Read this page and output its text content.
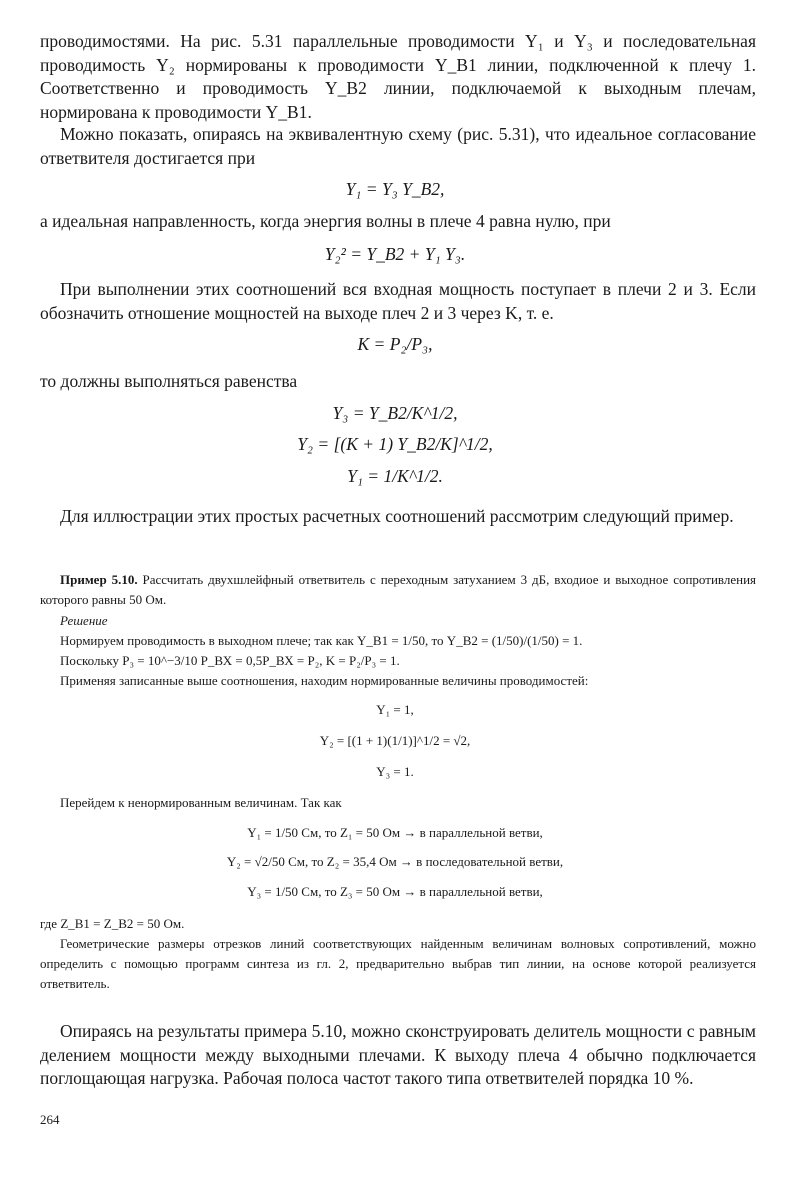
проводимостями. На рис. 5.31 параллельные проводимости Y₁ и Y₃ и последовательная проводимость Y₂ нормированы к проводимости Y_В1 линии, подключенной к плечу 1. Соответственно и проводимость Y_В2 линии, подключаемой к выходным плечам, нормирована к проводимости Y_В1.

Можно показать, опираясь на эквивалентную схему (рис. 5.31), что идеальное согласование ответвителя достигается при

Y₁ = Y₃ Y_В2,

а идеальная направленность, когда энергия волны в плече 4 равна нулю, при

Y₂² = Y_В2 + Y₁ Y₃.

При выполнении этих соотношений вся входная мощность поступает в плечи 2 и 3. Если обозначить отношение мощностей на выходе плеч 2 и 3 через K, т. е.

K = P₂/P₃,

то должны выполняться равенства

Y₃ = Y_В2/K^1/2,
Y₂ = [(K + 1) Y_В2/K]^1/2,
Y₁ = 1/K^1/2.

Для иллюстрации этих простых расчетных соотношений рассмотрим следующий пример.

Пример 5.10. Рассчитать двухшлейфный ответвитель с переходным затуханием 3 дБ, входиое и выходное сопротивления которого равны 50 Ом.

Решение

Нормируем проводимость в выходном плече; так как Y_В1 = 1/50, то Y_В2 = (1/50)/(1/50) = 1.

Поскольку P₃ = 10^−3/10 P_ВХ = 0,5P_ВХ = P₂, K = P₂/P₃ = 1.

Применяя записанные выше соотношения, находим нормированные величины проводимостей:

Y₁ = 1,
Y₂ = [(1 + 1)(1/1)]^1/2 = √2,
Y₃ = 1.

Перейдем к ненормированным величинам. Так как

Y₁ = 1/50 См, то Z₁ = 50 Ом → в параллельной ветви,
Y₂ = √2/50 См, то Z₂ = 35,4 Ом → в последовательной ветви,
Y₃ = 1/50 См, то Z₃ = 50 Ом → в параллельной ветви,

где Z_В1 = Z_В2 = 50 Ом.

Геометрические размеры отрезков линий соответствующих найденным величинам волновых сопротивлений, можно определить с помощью программ синтеза из гл. 2, предварительно выбрав тип линии, на основе которой реализуется ответвитель.

Опираясь на результаты примера 5.10, можно сконструировать делитель мощности с равным делением мощности между выходными плечами. К выходу плеча 4 обычно подключается поглощающая нагрузка. Рабочая полоса частот такого типа ответвителей порядка 10 %.

264
